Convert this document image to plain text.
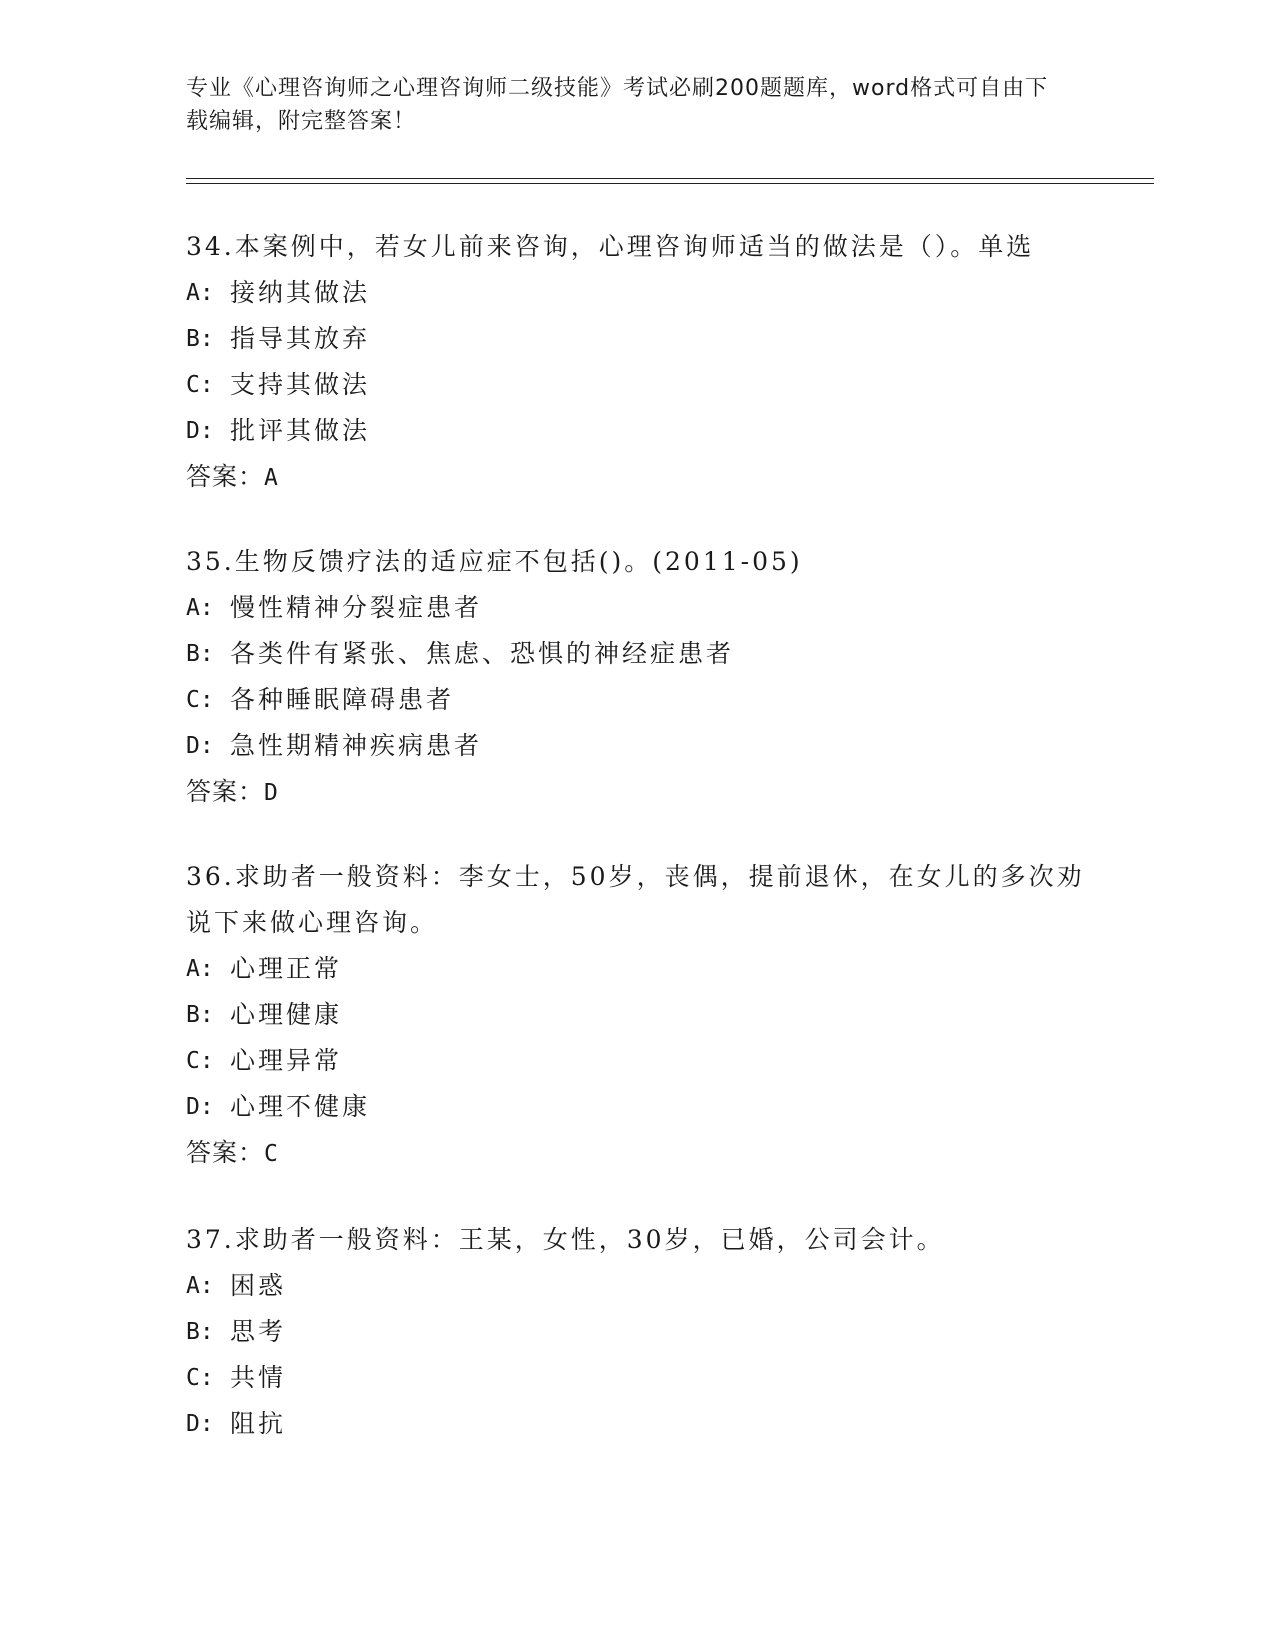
专业《心理咨询师之心理咨询师二级技能》考试必刷200题题库，word格式可自由下载编辑，附完整答案！

34.本案例中，若女儿前来咨询，心理咨询师适当的做法是（）。单选

A: 接纳其做法
B: 指导其放弃
C: 支持其做法
D: 批评其做法
答案：A

35.生物反馈疗法的适应症不包括()。(2011-05)

A: 慢性精神分裂症患者
B: 各类件有紧张、焦虑、恐惧的神经症患者
C: 各种睡眠障碍患者
D: 急性期精神疾病患者
答案：D

36.求助者一般资料：李女士，50岁，丧偶，提前退休，在女儿的多次劝说下来做心理咨询。

A: 心理正常
B: 心理健康
C: 心理异常
D: 心理不健康
答案：C

37.求助者一般资料：王某，女性，30岁，已婚，公司会计。

A: 困惑
B: 思考
C: 共情
D: 阻抗
